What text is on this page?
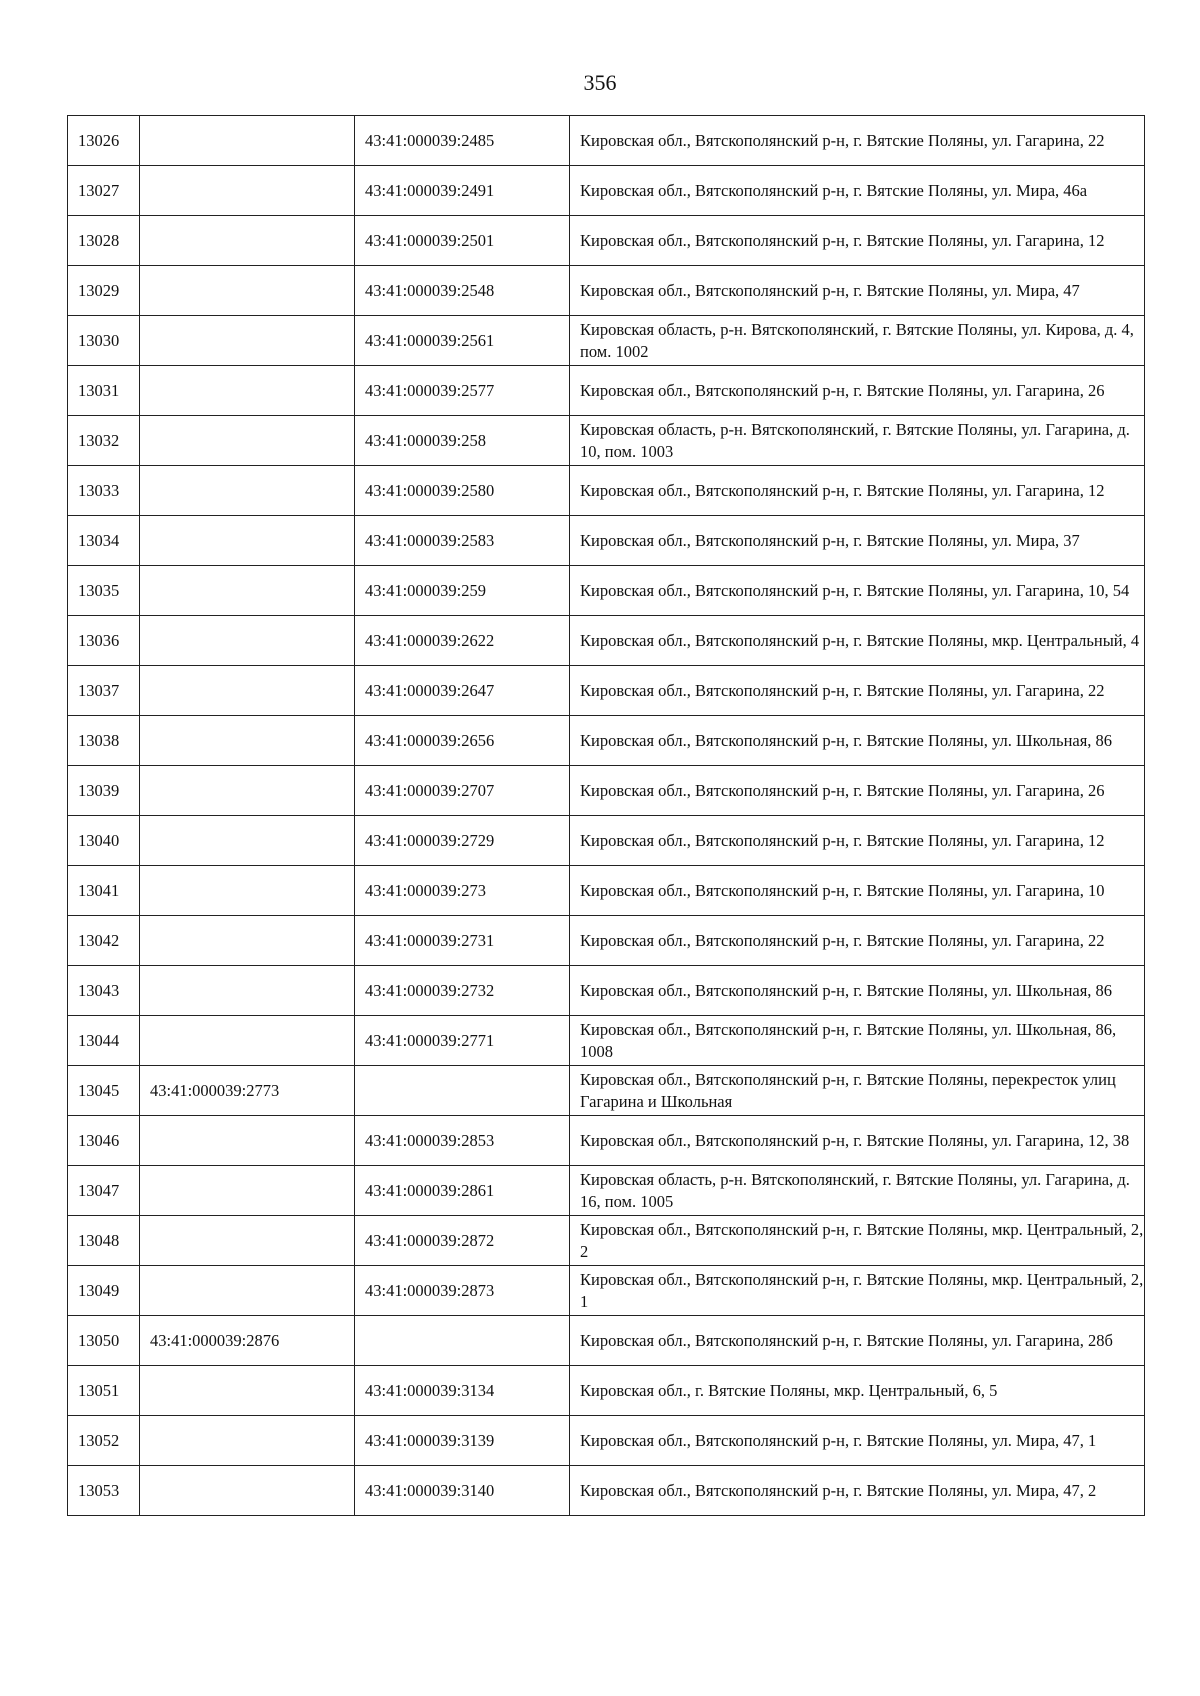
356
13026		43:41:000039:2485	Кировская обл., Вятскополянский р-н, г. Вятские Поляны, ул. Гагарина, 22
13027		43:41:000039:2491	Кировская обл., Вятскополянский р-н, г. Вятские Поляны, ул. Мира, 46а
13028		43:41:000039:2501	Кировская обл., Вятскополянский р-н, г. Вятские Поляны, ул. Гагарина, 12
13029		43:41:000039:2548	Кировская обл., Вятскополянский р-н, г. Вятские Поляны, ул. Мира, 47
13030		43:41:000039:2561	Кировская область, р-н. Вятскополянский, г. Вятские Поляны, ул. Кирова, д. 4, пом. 1002
13031		43:41:000039:2577	Кировская обл., Вятскополянский р-н, г. Вятские Поляны, ул. Гагарина, 26
13032		43:41:000039:258	Кировская область, р-н. Вятскополянский, г. Вятские Поляны, ул. Гагарина, д. 10, пом. 1003
13033		43:41:000039:2580	Кировская обл., Вятскополянский р-н, г. Вятские Поляны, ул. Гагарина, 12
13034		43:41:000039:2583	Кировская обл., Вятскополянский р-н, г. Вятские Поляны, ул. Мира, 37
13035		43:41:000039:259	Кировская обл., Вятскополянский р-н, г. Вятские Поляны, ул. Гагарина, 10, 54
13036		43:41:000039:2622	Кировская обл., Вятскополянский р-н, г. Вятские Поляны, мкр. Центральный, 4
13037		43:41:000039:2647	Кировская обл., Вятскополянский р-н, г. Вятские Поляны, ул. Гагарина, 22
13038		43:41:000039:2656	Кировская обл., Вятскополянский р-н, г. Вятские Поляны, ул. Школьная, 86
13039		43:41:000039:2707	Кировская обл., Вятскополянский р-н, г. Вятские Поляны, ул. Гагарина, 26
13040		43:41:000039:2729	Кировская обл., Вятскополянский р-н, г. Вятские Поляны, ул. Гагарина, 12
13041		43:41:000039:273	Кировская обл., Вятскополянский р-н, г. Вятские Поляны, ул. Гагарина, 10
13042		43:41:000039:2731	Кировская обл., Вятскополянский р-н, г. Вятские Поляны, ул. Гагарина, 22
13043		43:41:000039:2732	Кировская обл., Вятскополянский р-н, г. Вятские Поляны, ул. Школьная, 86
13044		43:41:000039:2771	Кировская обл., Вятскополянский р-н, г. Вятские Поляны, ул. Школьная, 86, 1008
13045	43:41:000039:2773		Кировская обл., Вятскополянский р-н, г. Вятские Поляны, перекресток улиц Гагарина и Школьная
13046		43:41:000039:2853	Кировская обл., Вятскополянский р-н, г. Вятские Поляны, ул. Гагарина, 12, 38
13047		43:41:000039:2861	Кировская область, р-н. Вятскополянский, г. Вятские Поляны, ул. Гагарина, д. 16, пом. 1005
13048		43:41:000039:2872	Кировская обл., Вятскополянский р-н, г. Вятские Поляны, мкр. Центральный, 2, 2
13049		43:41:000039:2873	Кировская обл., Вятскополянский р-н, г. Вятские Поляны, мкр. Центральный, 2, 1
13050	43:41:000039:2876		Кировская обл., Вятскополянский р-н, г. Вятские Поляны, ул. Гагарина, 28б
13051		43:41:000039:3134	Кировская обл., г. Вятские Поляны, мкр. Центральный, 6, 5
13052		43:41:000039:3139	Кировская обл., Вятскополянский р-н, г. Вятские Поляны, ул. Мира, 47, 1
13053		43:41:000039:3140	Кировская обл., Вятскополянский р-н, г. Вятские Поляны, ул. Мира, 47, 2
